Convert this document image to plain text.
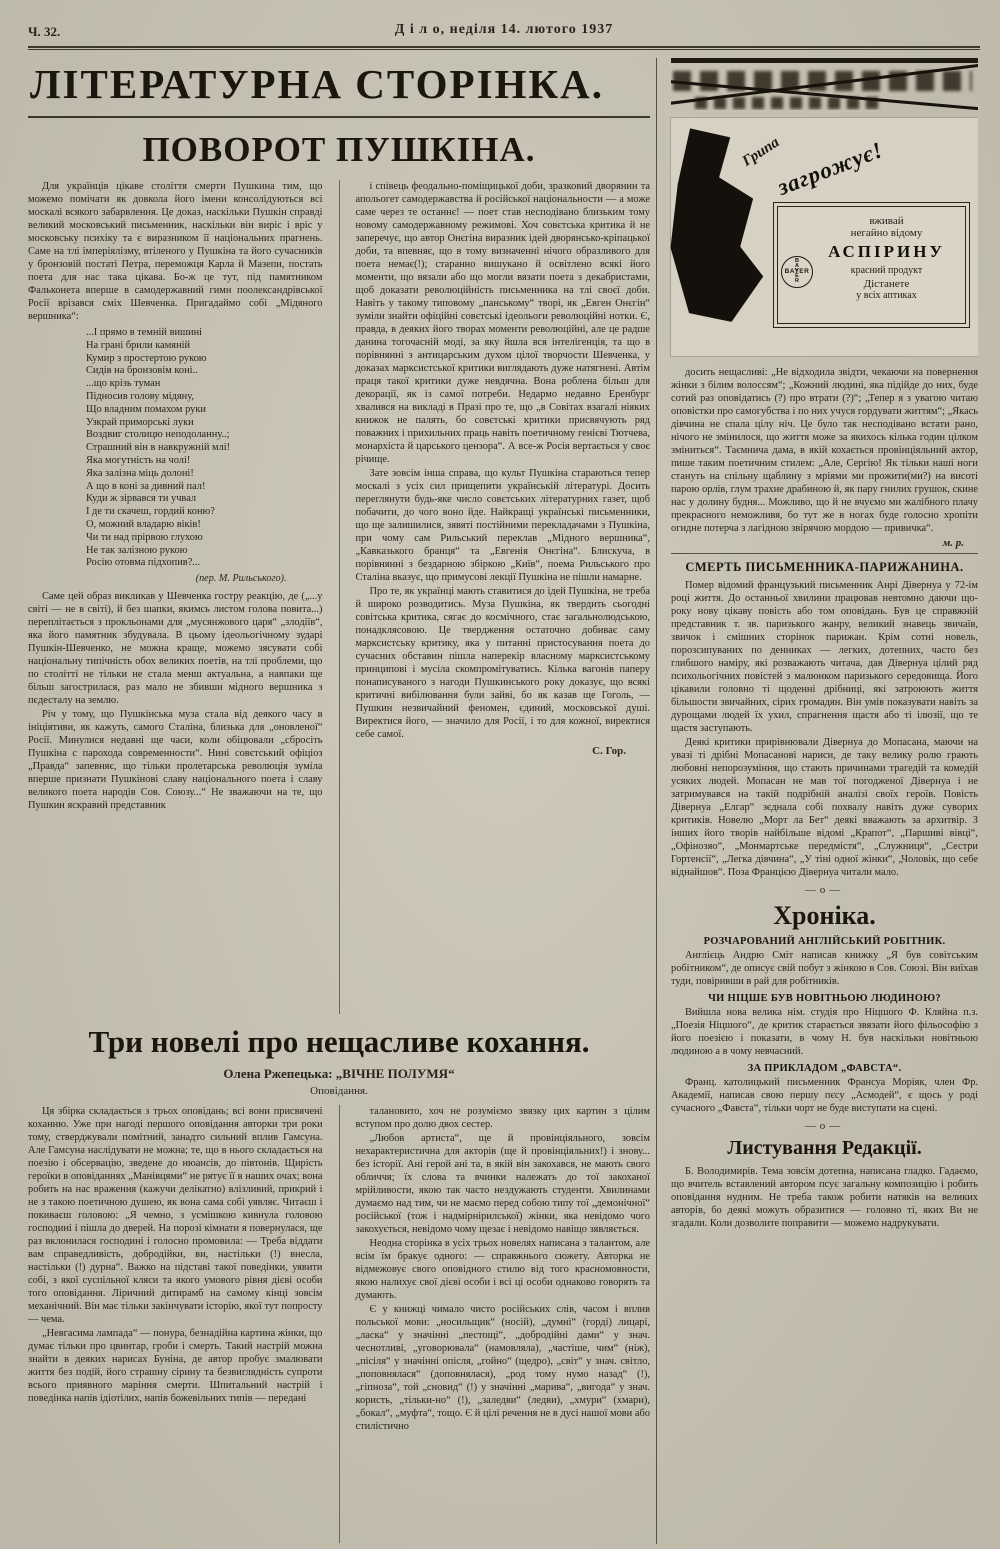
Ч. 32.	Д і л о, неділя 14. лютого 1937
ЛІТЕРАТУРНА СТОРІНКА.
ПОВОРОТ ПУШКІНА.

Для українців цікаве століття смерти Пушкина тим, що можемо помічати як довкола його імени консолідуються всі москалі всякого забарвлення. Це доказ, наскільки Пушкін справді великий московський письменник, наскільки він виріс і вріс у московську психіку та є виразником її національних прагнень. Саме на тлі імперіялізму, втіленого у Пушкіна та його сучасників у бронзовій постаті Петра, переможця Карла й Мазепи, постать поета для нас така цікава. Бо-ж це тут, під памятником Фальконета вперше в самодержавний гимн поолександрівської Росії врізався сміх Шевченка. Пригадаймо собі „Мідяного вершника“:

...І прямо в темній вишині
На грані брили камяній
Кумир з простертою рукою
Сидів на бронзовім коні..
...що крізь туман
Підносив голову мідяну,
Що владним помахом руки
Узкрай приморські луки
Воздвиг столицю неподоланну..;
Страшний він в навкружній млі!
Яка могутність на чолі!
Яка залізна міць долоні!
А що в коні за дивний пал!
Куди ж зірвався ти учвал
І де ти скачеш, гордий коню?
О, можний владарю віків!
Чи ти над прірвою глухою
Не так залізною рукою
Росію отовма підхопив?...
(пер. М. Рильського).

Саме цей образ викликав у Шевченка гостру реакцію, де („...у світі — не в світі), й без шапки, якимсь листом голова повита...) переплітається з прокльонами для „мусянжового царя“ „злодіїв“, яка його памятник збудувала. В цьому ідеольогічному зударі Пушкін-Шевченко, не можна краще, можемо зясувати собі національну типічність обох великих поетів, на тлі проблеми, що по столітті не тільки не стала менш актуальна, а навпаки ще більш загострилася, раз мало не збивши мідного вершника з пєдесталу на землю.

Річ у тому, що Пушкінська муза стала від деякого часу в ініціятиви, як кажуть, самого Сталіна, близька для „оновленої“ Росії. Минулися недавні ще часи, коли обіцювали „сбросіть Пушкіна с парохода современности“. Нині совєтський офіціоз „Правда“ запевняє, що тільки пролетарська революція зуміла вперше признати Пушкінові славу національного поета і славу великого поета народів Сов. Союзу...“ Не зважаючи на те, що Пушкин яскравий представник

і співець феодально-поміщицької доби, зразковий дворянин та апольогет самодержавства й російської національности — а може саме через те останнє! — поет став несподівано близьким тому новому самодержавному режимові. Хоч совєтська критика й не заперечує, що автор Онєгіна виразник ідей дворянсько-кріпацької доби, та впевняє, що в тому визначенні нічого образливого для поета немає(!); старанно вишукано й освітлено всякі його моменти, що вязали або що могли вязати поета з декабристами, щоб доказати революційність письменника на тлі своєї доби. Навіть у такому типовому „панському“ творі, як „Евген Онєгін“ зуміли знайти офіційні совєтські ідеольоги революційні нотки. Є, правда, в деяких його творах моменти революційні, але це радше данина тогочасній моді, за яку йшла вся інтелігенція, та що в порівнянні з антицарським духом цілої творчости Шевченка, у доказах марксистської критики виглядають дуже натягнені. Автім праця такої критики дуже невдячна. Вона роблена більш для декорації, як із самої потреби. Недармо недавно Еренбург хвалився на викладі в Празі про те, що „в Совітах взагалі ніяких книжок не палять, бо совєтські критики присвячують ряд поважних і прихильних праць навіть поетичному генієві Тютчева, монархіста й царського цензора“. А все-ж Росія вертається у своє річище.

Зате зовсім інша справа, що культ Пушкіна стараються тепер москалі з усіх сил прищепити українській літературі. Досить переглянути будь-яке число совєтських літературних газет, щоб побачити, до чого воно йде. Найкращі українські письменники, що ще залишилися, зявяті постійними перекладачами з Пушкіна, при чому сам Рильський переклав „Мідного вершника“, „Кавказького бранця“ та „Евгенія Онєгіна“. Блискуча, в порівнянні з бездарною збіркою „Київ“, поема Рильського про Сталіна вказує, що примусові лекції Пушкіна не пішли намарне.

Про те, як українці мають ставитися до ідей Пушкіна, не треба й широко розводитись. Муза Пушкіна, як твердить сьогодні совітська критика, сягає до космічного, стає загальнолюдською, понадклясовою. Це твердження остаточно добиває саму марксистську критику, яка у питанні пристосування поета до сучасних обставин пішла наперекір власному марксистському принципові і мусіла скомпромітуватись. Кілька вагонів паперу понаписуваного з нагоди Пушкинського року доказує, що всякі критичні вибілювання були зайві, бо як казав ще Гоголь, — Пушкин незвичайний феномен, єдиний, московської душі. Виректися його, — значило для Росії, і то для кожної, виректися себе самої.

С. Гор.
Три новелі про нещасливе кохання.
Олена Ржепецька: „ВІЧНЕ ПОЛУМЯ“
Оповідання.

Ця збірка складається з трьох оповідань; всі вони присвячені коханню. Уже при нагоді першого оповідання авторки три роки тому, стверджували помітний, занадто сильний вплив Гамсуна. Але Гамсуна наслідувати не можна; те, що в нього складається на поезію і обсервацію, зведене до нюансів, до півтонів. Щирість героїки в оповіданнях „Манівцями“ не рятує її в наших очах; вона робить на нас враження (кажучи делікатно) влізливий, прикрий і не з такою поетичною душею, як вона сама собі уявляє. Читаєш і покиваєш головою: „Я чемно, з усмішкою кивнула головою господині і пішла до дверей. На порозі кімнати я повернулася, ще раз вклонилася господині і голосно промовила: — Треба віддати вам справедливість, добродійки, ви, настільки (!) внесла, настільки (!) дурна“. Важко на підставі такої поведінки, уявити собі, з якої суспільної кляси та якого умового рівня дієві особи того оповідання. Ліричний дитирамб на самому кінці зовсім механічний. Він має тільки закінчувати історію, якої тут попросту — чема.

„Невгасима лампада“ — понура, безнадійна картина жінки, що думає тільки про цвинтар, гроби і смерть. Такий настрій можна знайти в деяких нарисах Буніна, де автор пробує змалювати життя без подій, його страшну сірину та безвиглядність супроти всього приявного маріння смерти. Шпитальний настрій і поведінка напів ідіотілих, напів божевільних типів — передані

талановито, хоч не розуміємо звязку цих картин з цілим вступом про долю двох сестер.

„Любов артиста“, ще й провінціяльного, зовсім нехарактеристична для акторів (ще й провінціяльних!) і знову... без історії. Ані герой ані та, в якій він закохався, не мають свого обличчя; їх слова та вчинки належать до тої закоханої мрійливости, якою так часто нездужають студенти. Хвилинами думаємо над тим, чи не маємо перед собою типу тої „демонічної“ російської (тож і надмірнірилської) жінки, яка невідомо чого закохується, невідомо чому щезає і невідомо навіщо зявляється.

Неодна сторінка в усіх трьох новелях написана з талантом, але всім їм бракує одного: — справжнього сюжету. Авторка не відмежовує свого оповідного стилю від того красномовности, якою налихує свої дієві особи і всі ці особи однаково говорять та думають.

Є у книжці чимало чисто російських слів, часом і вплив польської мови: „носильщик“ (носій), „думні“ (горді) лицарі, „ласка“ у значінні „пестощі“, „добродійні дами“ у знач. чеснотливі, „уговорювала“ (намовляла), „частіше, чим“ (ніж), „пісіля“ у значінні опісля, „гойно“ (щедро), „світ“ у знач. світло, „поповнялася“ (доповнялася), „род тому нумо назад“ (!), „гіпноза“, той „сновид“ (!) у значінні „марива“, „вигода“ у знач. користь, „тільки-но“ (!), „заледви“ (ледви), „хмури“ (хмари), „бокал“, „муфта“, тощо. Є й цілі речення не в дусі нашої мови або стилістично

Грипа
загрожує!
BAYER
BAYER
вживай
негайно відому
АСПІРИНУ
красний продукт
Дістанете
у всіх аптиках

досить нещасливі: „Не відходила звідти, чекаючи на повернення жінки з білим волоссям“; „Кожний людині, яка підійде до них, буде сотий раз оповідатись (?) про втрати (?)“; „Тепер я з увагою читаю оповістки про самогубства і по них учуся гордувати життям“; „Якась дівчина не спала цілу ніч. Це було так несподівано встати рано, нічого не змінилося, що життя може за якихось кілька годин цілком зміниться“. Таємнича дама, в якій кохається провінціяльний актор, пише таким поетичним стилем: „Але, Сергію! Як тільки наші ноги стануть на спільну щаблину з мріями ми прожити(ми?) на висоті парою орлів, глум трахне драбиною й, як пару гнилих грушок, скине нас у долину будня... Можливо, що й не вчуємо ми жалібного плачу прекрасного неможливя, бо тут же в ногах буде голосно хропіти огидне потерча з лагідною звірячою мордою — привичка“.

м. р.
СМЕРТЬ ПИСЬМЕННИКА-ПАРИЖАНИНА.

Помер відомий французький письменник Анрі Дівернуа у 72-ім році життя. До останньої хвилини працював невтомно даючи що-року нову цікаву повість або том оповідань. Був це справжній представник т. зв. паризького жанру, великий знавець звичаїв, звичок і смішних сторінок парижан. Крім сотні новель, порозсипуваних по денниках — легких, дотепних, часто без глибшого наміру, які розважають читача, дав Дівернуа цілий ряд психольогічних повістей з малюнком паризького середовища. Його цікавили головно ті щоденні дрібниці, які затроюють життя більшости звичайних, сірих громадян. Він умів показувати навіть за дурощами людей їх ухил, спрагнення щастя або ті ілюзії, що те щастя заступають.

Деякі критики прирівнювали Дівернуа до Мопасана, маючи на увазі ті дрібні Мопасанові нариси, де таку велику ролю грають любовні непорозуміння, що стають причинами трагедій та комедій усяких людей. Мопасан не мав тої погодженої Дівернуа і не затримувався на такій подрібній аналізі своїх героїв. Повість Дівернуа „Елгар“ зєднала собі похвалу навіть дуже суворих критиків. Новелю „Морт ла Бет“ деякі вважають за архитвір. З інших його творів найбільше відомі „Крапот“, „Паршиві вівці“, „Офінозяо“, „Монмартське передмістя“, „Служниця“, „Сестри Гортенсії“, „Легка дівчина“, „У тіні одної жінки“, „Чоловік, що себе віднайшов“. Поза Францією Дівернуа читали мало.

—о—
Хроніка.
РОЗЧАРОВАНИЙ АНГЛІЙСЬКИЙ РОБІТНИК.

Англієць Андрю Сміт написав книжку „Я був совітським робітником“, де описує свій побут з жінкою в Сов. Союзі. Він виїхав туди, повіривши в рай для робітників.

ЧИ НІЦШЕ БУВ НОВІТНЬОЮ ЛЮДИНОЮ?

Вийшла нова велика нім. студія про Ніцшого Ф. Кляйна п.з. „Поезія Ніцшого“, де критик старається звязати його фільософію з його поезією і показати, в чому Н. був наскільки новітньою людиною а в чому невчасний.

ЗА ПРИКЛАДОМ „ФАВСТА“.

Франц. католицький письменник Франсуа Моріяк, член Фр. Академії, написав свою першу пєсу „Асмодей“, є щось у роді сучасного „Фавста“, тільки чорт не буде виступати на сцені.

—о—
Листування Редакції.

Б. Володимирів. Тема зовсім дотепна, написана гладко. Гадаємо, що вчитель вставлений автором псує загальну композицію і робить оповідання нудним. Не треба також робити натяків на великих авторів, бо деякі можуть образитися — головно ті, яких Ви не згадали. Коли дозволите поправити — можемо надрукувати.
